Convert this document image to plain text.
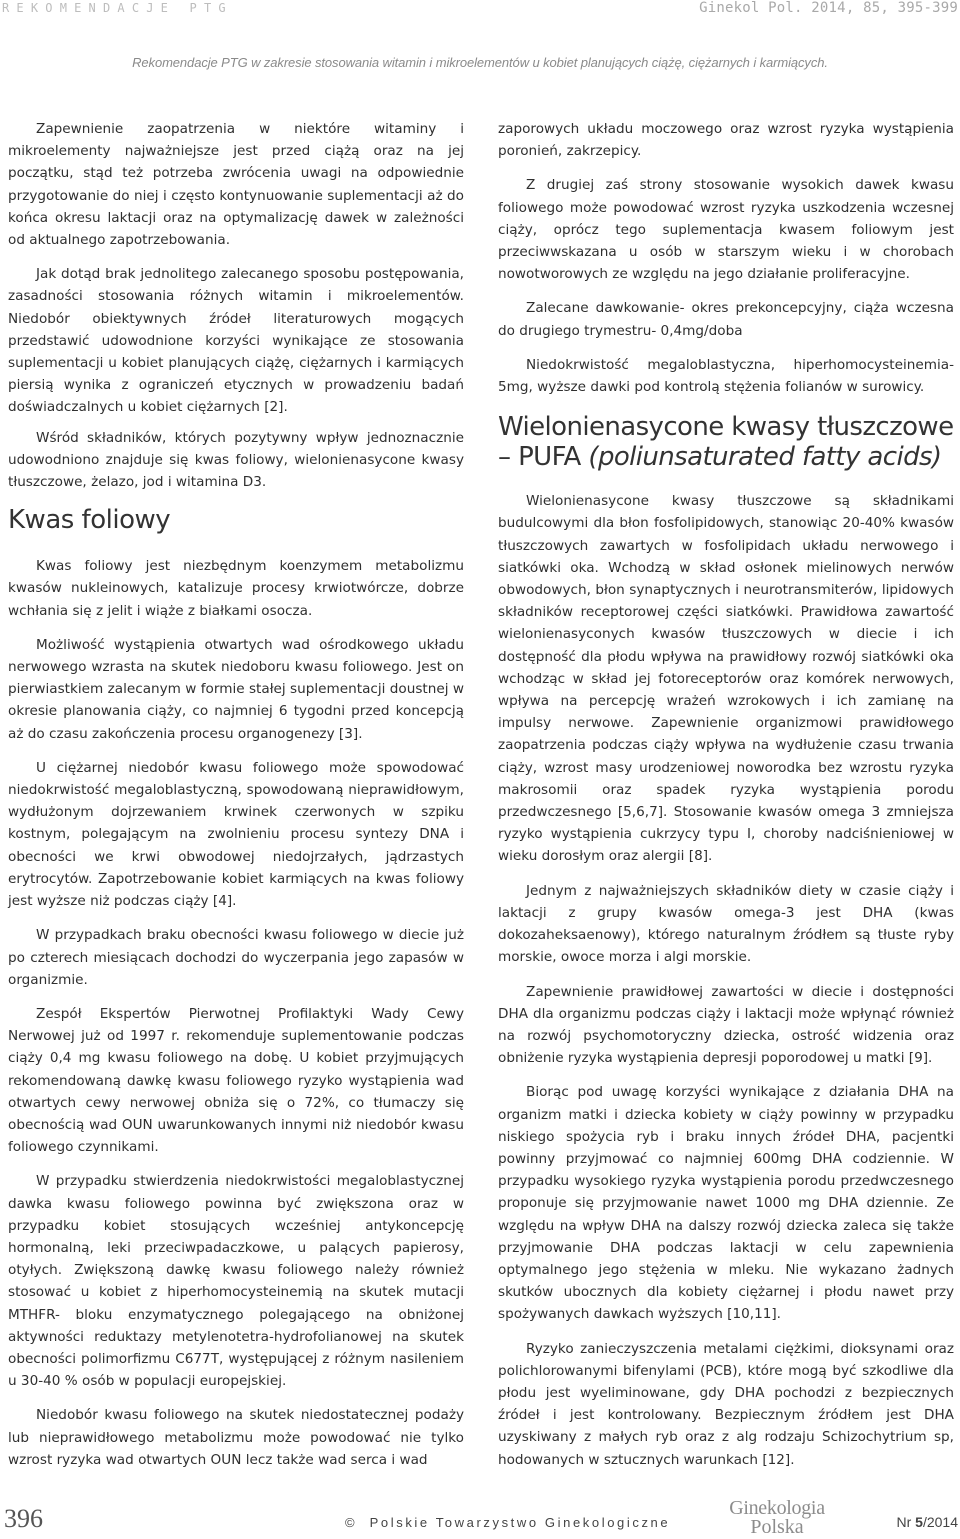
REKOMENDACJE PTG	Ginekol Pol. 2014, 85, 395-399
Rekomendacje PTG w zakresie stosowania witamin i mikroelementów u kobiet planujących ciążę, ciężarnych i karmiących.

Zapewnienie zaopatrzenia w niektóre witaminy i mikroelementy najważniejsze jest przed ciążą oraz na jej początku, stąd też potrzeba zwrócenia uwagi na odpowiednie przygotowanie do niej i często kontynuowanie suplementacji aż do końca okresu laktacji oraz na optymalizację dawek w zależności od aktualnego zapotrzebowania.

Jak dotąd brak jednolitego zalecanego sposobu postępowania, zasadności stosowania różnych witamin i mikroelementów. Niedobór obiektywnych źródeł literaturowych mogących przedstawić udowodnione korzyści wynikające ze stosowania suplementacji u kobiet planujących ciążę, ciężarnych i karmiących piersią wynika z ograniczeń etycznych w prowadzeniu badań doświadczalnych u kobiet ciężarnych [2].

Wśród składników, których pozytywny wpływ jednoznacznie udowodniono znajduje się kwas foliowy, wielonienasycone kwasy tłuszczowe, żelazo, jod i witamina D3.

Kwas foliowy

Kwas foliowy jest niezbędnym koenzymem metabolizmu kwasów nukleinowych, katalizuje procesy krwiotwórcze, dobrze wchłania się z jelit i wiąże z białkami osocza.

Możliwość wystąpienia otwartych wad ośrodkowego układu nerwowego wzrasta na skutek niedoboru kwasu foliowego. Jest on pierwiastkiem zalecanym w formie stałej suplementacji doustnej w okresie planowania ciąży, co najmniej 6 tygodni przed koncepcją aż do czasu zakończenia procesu organogenezy [3].

U ciężarnej niedobór kwasu foliowego może spowodować niedokrwistość megaloblastyczną, spowodowaną nieprawidłowym, wydłużonym dojrzewaniem krwinek czerwonych w szpiku kostnym, polegającym na zwolnieniu procesu syntezy DNA i obecności we krwi obwodowej niedojrzałych, jądrzastych erytrocytów. Zapotrzebowanie kobiet karmiących na kwas foliowy jest wyższe niż podczas ciąży [4].

W przypadkach braku obecności kwasu foliowego w diecie już po czterech miesiącach dochodzi do wyczerpania jego zapasów w organizmie.

Zespół Ekspertów Pierwotnej Profilaktyki Wady Cewy Nerwowej już od 1997 r. rekomenduje suplementowanie podczas ciąży 0,4 mg kwasu foliowego na dobę. U kobiet przyjmujących rekomendowaną dawkę kwasu foliowego ryzyko wystąpienia wad otwartych cewy nerwowej obniża się o 72%, co tłumaczy się obecnością wad OUN uwarunkowanych innymi niż niedobór kwasu foliowego czynnikami.

W przypadku stwierdzenia niedokrwistości megaloblastycznej dawka kwasu foliowego powinna być zwiększona oraz w przypadku kobiet stosujących wcześniej antykoncepcję hormonalną, leki przeciwpadaczkowe, u palących papierosy, otyłych. Zwiększoną dawkę kwasu foliowego należy również stosować u kobiet z hiperhomocysteinemią na skutek mutacji MTHFR- bloku enzymatycznego polegającego na obniżonej aktywności reduktazy metylenotetra-hydrofolianowej na skutek obecności polimorfizmu C677T, występującej z różnym nasileniem u 30-40 % osób w populacji europejskiej.

Niedobór kwasu foliowego na skutek niedostatecznej podaży lub nieprawidłowego metabolizmu może powodować nie tylko wzrost ryzyka wad otwartych OUN lecz także wad serca i wad

zaporowych układu moczowego oraz wzrost ryzyka wystąpienia poronień, zakrzepicy.

Z drugiej zaś strony stosowanie wysokich dawek kwasu foliowego może powodować wzrost ryzyka uszkodzenia wczesnej ciąży, oprócz tego suplementacja kwasem foliowym jest przeciwwskazana u osób w starszym wieku i w chorobach nowotworowych ze względu na jego działanie proliferacyjne.

Zalecane dawkowanie- okres prekoncepcyjny, ciąża wczesna do drugiego trymestru- 0,4mg/doba

Niedokrwistość megaloblastyczna, hiperhomocysteinemia- 5mg, wyższe dawki pod kontrolą stężenia folianów w surowicy.

Wielonienasycone kwasy tłuszczowe
– PUFA (poliunsaturated fatty acids)

Wielonienasycone kwasy tłuszczowe są składnikami budulcowymi dla błon fosfolipidowych, stanowiąc 20-40% kwasów tłuszczowych zawartych w fosfolipidach układu nerwowego i siatkówki oka. Wchodzą w skład osłonek mielinowych nerwów obwodowych, błon synaptycznych i neurotransmiterów, lipidowych składników receptorowej części siatkówki. Prawidłowa zawartość wielonienasyconych kwasów tłuszczowych w diecie i ich dostępność dla płodu wpływa na prawidłowy rozwój siatkówki oka wchodząc w skład jej fotoreceptorów oraz komórek nerwowych, wpływa na percepcję wrażeń wzrokowych i ich zamianę na impulsy nerwowe. Zapewnienie organizmowi prawidłowego zaopatrzenia podczas ciąży wpływa na wydłużenie czasu trwania ciąży, wzrost masy urodzeniowej noworodka bez wzrostu ryzyka makrosomii oraz spadek ryzyka wystąpienia porodu przedwczesnego [5,6,7]. Stosowanie kwasów omega 3 zmniejsza ryzyko wystąpienia cukrzycy typu I, choroby nadciśnieniowej w wieku dorosłym oraz alergii [8].

Jednym z najważniejszych składników diety w czasie ciąży i laktacji z grupy kwasów omega-3 jest DHA (kwas dokozaheksaenowy), którego naturalnym źródłem są tłuste ryby morskie, owoce morza i algi morskie.

Zapewnienie prawidłowej zawartości w diecie i dostępności DHA dla organizmu podczas ciąży i laktacji może wpłynąć również na rozwój psychomotoryczny dziecka, ostrość widzenia oraz obniżenie ryzyka wystąpienia depresji poporodowej u matki [9].

Biorąc pod uwagę korzyści wynikające z działania DHA na organizm matki i dziecka kobiety w ciąży powinny w przypadku niskiego spożycia ryb i braku innych źródeł DHA, pacjentki powinny przyjmować co najmniej 600mg DHA codziennie. W przypadku wysokiego ryzyka wystąpienia porodu przedwczesnego proponuje się przyjmowanie nawet 1000 mg DHA dziennie. Ze względu na wpływ DHA na dalszy rozwój dziecka zaleca się także przyjmowanie DHA podczas laktacji w celu zapewnienia optymalnego jego stężenia w mleku. Nie wykazano żadnych skutków ubocznych dla kobiety ciężarnej i płodu nawet przy spożywanych dawkach wyższych [10,11].

Ryzyko zanieczyszczenia metalami ciężkimi, dioksynami oraz polichlorowanymi bifenylami (PCB), które mogą być szkodliwe dla płodu jest wyeliminowane, gdy DHA pochodzi z bezpiecznych źródeł i jest kontrolowany. Bezpiecznym źródłem jest DHA uzyskiwany z małych ryb oraz z alg rodzaju Schizochytrium sp, hodowanych w sztucznych warunkach [12].

396	© Polskie Towarzystwo Ginekologiczne
Ginekologia
Polska	Nr 5/2014
